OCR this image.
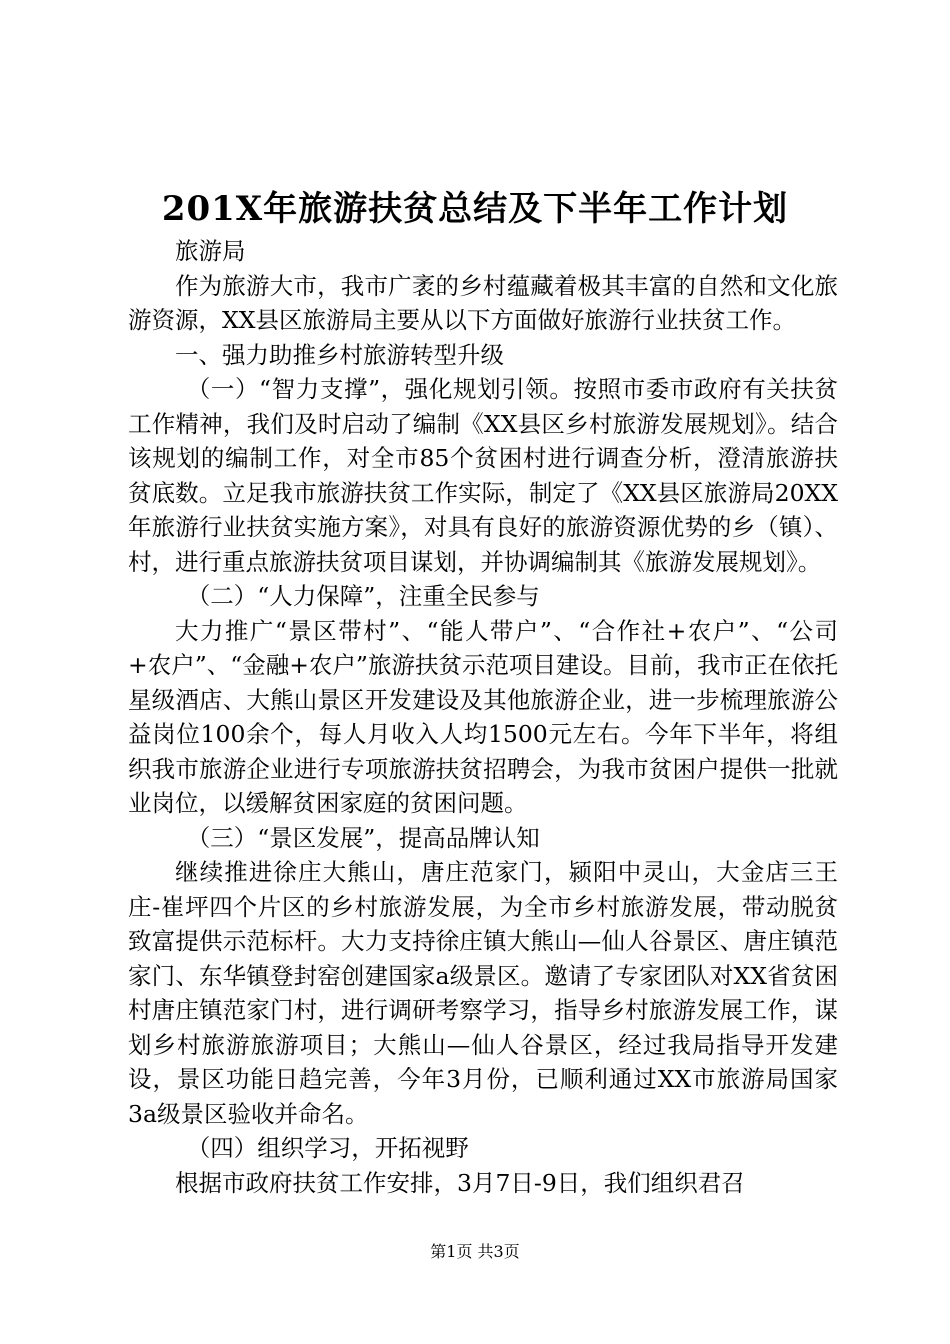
201X年旅游扶贫总结及下半年工作计划

旅游局

作为旅游大市，我市广袤的乡村蕴藏着极其丰富的自然和文化旅游资源，XX县区旅游局主要从以下方面做好旅游行业扶贫工作。

一、强力助推乡村旅游转型升级

（一）“智力支撑”，强化规划引领。按照市委市政府有关扶贫工作精神，我们及时启动了编制《XX县区乡村旅游发展规划》。结合该规划的编制工作，对全市85个贫困村进行调查分析，澄清旅游扶贫底数。立足我市旅游扶贫工作实际，制定了《XX县区旅游局20XX年旅游行业扶贫实施方案》，对具有良好的旅游资源优势的乡（镇）、村，进行重点旅游扶贫项目谋划，并协调编制其《旅游发展规划》。

（二）“人力保障”，注重全民参与

大力推广“景区带村”、“能人带户”、“合作社+农户”、“公司+农户”、“金融+农户”旅游扶贫示范项目建设。目前，我市正在依托星级酒店、大熊山景区开发建设及其他旅游企业，进一步梳理旅游公益岗位100余个，每人月收入人均1500元左右。今年下半年，将组织我市旅游企业进行专项旅游扶贫招聘会，为我市贫困户提供一批就业岗位，以缓解贫困家庭的贫困问题。

（三）“景区发展”，提高品牌认知

继续推进徐庄大熊山，唐庄范家门，颍阳中灵山，大金店三王庄-崔坪四个片区的乡村旅游发展，为全市乡村旅游发展，带动脱贫致富提供示范标杆。大力支持徐庄镇大熊山—仙人谷景区、唐庄镇范家门、东华镇登封窑创建国家a级景区。邀请了专家团队对XX省贫困村唐庄镇范家门村，进行调研考察学习，指导乡村旅游发展工作，谋划乡村旅游旅游项目；大熊山—仙人谷景区，经过我局指导开发建设，景区功能日趋完善，今年3月份，已顺利通过XX市旅游局国家3a级景区验收并命名。

（四）组织学习，开拓视野

根据市政府扶贫工作安排，3月7日-9日，我们组织君召

第1页 共3页
